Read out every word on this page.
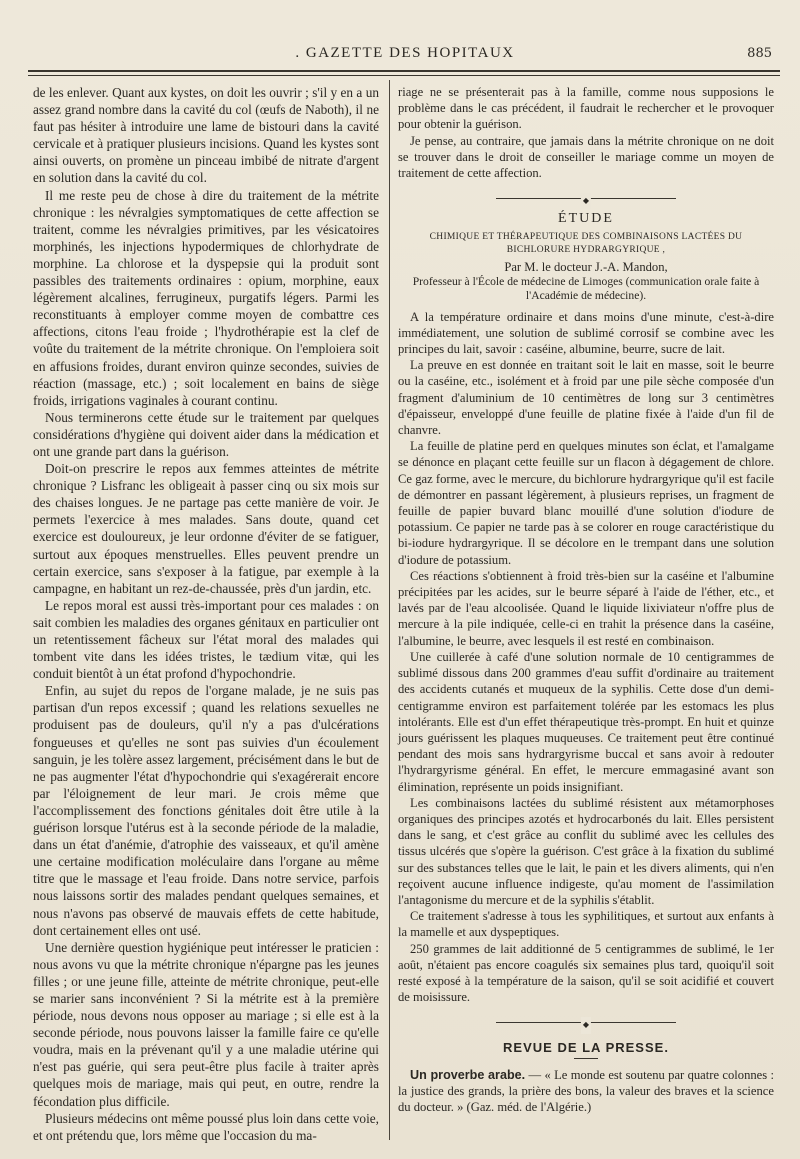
. GAZETTE DES HOPITAUX	885

de les enlever. Quant aux kystes, on doit les ouvrir ; s'il y en a un assez grand nombre dans la cavité du col (œufs de Naboth), il ne faut pas hésiter à introduire une lame de bistouri dans la cavité cervicale et à pratiquer plusieurs incisions. Quand les kystes sont ainsi ouverts, on promène un pinceau imbibé de nitrate d'argent en solution dans la cavité du col.

Il me reste peu de chose à dire du traitement de la métrite chronique : les névralgies symptomatiques de cette affection se traitent, comme les névralgies primitives, par les vésicatoires morphinés, les injections hypodermiques de chlorhydrate de morphine. La chlorose et la dyspepsie qui la produit sont passibles des traitements ordinaires : opium, morphine, eaux légèrement alcalines, ferrugineux, purgatifs légers. Parmi les reconstituants à employer comme moyen de combattre ces affections, citons l'eau froide ; l'hydrothérapie est la clef de voûte du traitement de la métrite chronique. On l'emploiera soit en affusions froides, durant environ quinze secondes, suivies de réaction (massage, etc.) ; soit localement en bains de siège froids, irrigations vaginales à courant continu.

Nous terminerons cette étude sur le traitement par quelques considérations d'hygiène qui doivent aider dans la médication et ont une grande part dans la guérison.

Doit-on prescrire le repos aux femmes atteintes de métrite chronique ? Lisfranc les obligeait à passer cinq ou six mois sur des chaises longues. Je ne partage pas cette manière de voir. Je permets l'exercice à mes malades. Sans doute, quand cet exercice est douloureux, je leur ordonne d'éviter de se fatiguer, surtout aux époques menstruelles. Elles peuvent prendre un certain exercice, sans s'exposer à la fatigue, par exemple à la campagne, en habitant un rez-de-chaussée, près d'un jardin, etc.

Le repos moral est aussi très-important pour ces malades : on sait combien les maladies des organes génitaux en particulier ont un retentissement fâcheux sur l'état moral des malades qui tombent vite dans les idées tristes, le tædium vitæ, qui les conduit bientôt à un état profond d'hypochondrie.

Enfin, au sujet du repos de l'organe malade, je ne suis pas partisan d'un repos excessif ; quand les relations sexuelles ne produisent pas de douleurs, qu'il n'y a pas d'ulcérations fongueuses et qu'elles ne sont pas suivies d'un écoulement sanguin, je les tolère assez largement, précisément dans le but de ne pas augmenter l'état d'hypochondrie qui s'exagérerait encore par l'éloignement de leur mari. Je crois même que l'accomplissement des fonctions génitales doit être utile à la guérison lorsque l'utérus est à la seconde période de la maladie, dans un état d'anémie, d'atrophie des vaisseaux, et qu'il amène une certaine modification moléculaire dans l'organe au même titre que le massage et l'eau froide. Dans notre service, parfois nous laissons sortir des malades pendant quelques semaines, et nous n'avons pas observé de mauvais effets de cette habitude, dont certainement elles ont usé.

Une dernière question hygiénique peut intéresser le praticien : nous avons vu que la métrite chronique n'épargne pas les jeunes filles ; or une jeune fille, atteinte de métrite chronique, peut-elle se marier sans inconvénient ? Si la métrite est à la première période, nous devons nous opposer au mariage ; si elle est à la seconde période, nous pouvons laisser la famille faire ce qu'elle voudra, mais en la prévenant qu'il y a une maladie utérine qui n'est pas guérie, qui sera peut-être plus facile à traiter après quelques mois de mariage, mais qui peut, en outre, rendre la fécondation plus difficile.

Plusieurs médecins ont même poussé plus loin dans cette voie, et ont prétendu que, lors même que l'occasion du ma-

riage ne se présenterait pas à la famille, comme nous supposions le problème dans le cas précédent, il faudrait le rechercher et le provoquer pour obtenir la guérison.

Je pense, au contraire, que jamais dans la métrite chronique on ne doit se trouver dans le droit de conseiller le mariage comme un moyen de traitement de cette affection.

◆
ÉTUDE
CHIMIQUE ET THÉRAPEUTIQUE DES COMBINAISONS LACTÉES DU BICHLORURE HYDRARGYRIQUE ,
Par M. le docteur J.-A. Mandon,
Professeur à l'École de médecine de Limoges (communication orale faite à l'Académie de médecine).

A la température ordinaire et dans moins d'une minute, c'est-à-dire immédiatement, une solution de sublimé corrosif se combine avec les principes du lait, savoir : caséine, albumine, beurre, sucre de lait.

La preuve en est donnée en traitant soit le lait en masse, soit le beurre ou la caséine, etc., isolément et à froid par une pile sèche composée d'un fragment d'aluminium de 10 centimètres de long sur 3 centimètres d'épaisseur, enveloppé d'une feuille de platine fixée à l'aide d'un fil de chanvre.

La feuille de platine perd en quelques minutes son éclat, et l'amalgame se dénonce en plaçant cette feuille sur un flacon à dégagement de chlore. Ce gaz forme, avec le mercure, du bichlorure hydrargyrique qu'il est facile de démontrer en passant légèrement, à plusieurs reprises, un fragment de feuille de papier buvard blanc mouillé d'une solution d'iodure de potassium. Ce papier ne tarde pas à se colorer en rouge caractéristique du bi-iodure hydrargyrique. Il se décolore en le trempant dans une solution d'iodure de potassium.

Ces réactions s'obtiennent à froid très-bien sur la caséine et l'albumine précipitées par les acides, sur le beurre séparé à l'aide de l'éther, etc., et lavés par de l'eau alcoolisée. Quand le liquide lixiviateur n'offre plus de mercure à la pile indiquée, celle-ci en trahit la présence dans la caséine, l'albumine, le beurre, avec lesquels il est resté en combinaison.

Une cuillerée à café d'une solution normale de 10 centigrammes de sublimé dissous dans 200 grammes d'eau suffit d'ordinaire au traitement des accidents cutanés et muqueux de la syphilis. Cette dose d'un demi-centigramme environ est parfaitement tolérée par les estomacs les plus intolérants. Elle est d'un effet thérapeutique très-prompt. En huit et quinze jours guérissent les plaques muqueuses. Ce traitement peut être continué pendant des mois sans hydrargyrisme buccal et sans avoir à redouter l'hydrargyrisme général. En effet, le mercure emmagasiné avant son élimination, représente un poids insignifiant.

Les combinaisons lactées du sublimé résistent aux métamorphoses organiques des principes azotés et hydrocarbonés du lait. Elles persistent dans le sang, et c'est grâce au conflit du sublimé avec les cellules des tissus ulcérés que s'opère la guérison. C'est grâce à la fixation du sublimé sur des substances telles que le lait, le pain et les divers aliments, qui n'en reçoivent aucune influence indigeste, qu'au moment de l'assimilation l'antagonisme du mercure et de la syphilis s'établit.

Ce traitement s'adresse à tous les syphilitiques, et surtout aux enfants à la mamelle et aux dyspeptiques.

250 grammes de lait additionné de 5 centigrammes de sublimé, le 1er août, n'étaient pas encore coagulés six semaines plus tard, quoiqu'il soit resté exposé à la température de la saison, qu'il se soit acidifié et couvert de moisissure.

◆
REVUE DE LA PRESSE.

Un proverbe arabe. — « Le monde est soutenu par quatre colonnes : la justice des grands, la prière des bons, la valeur des braves et la science du docteur. » (Gaz. méd. de l'Algérie.)
